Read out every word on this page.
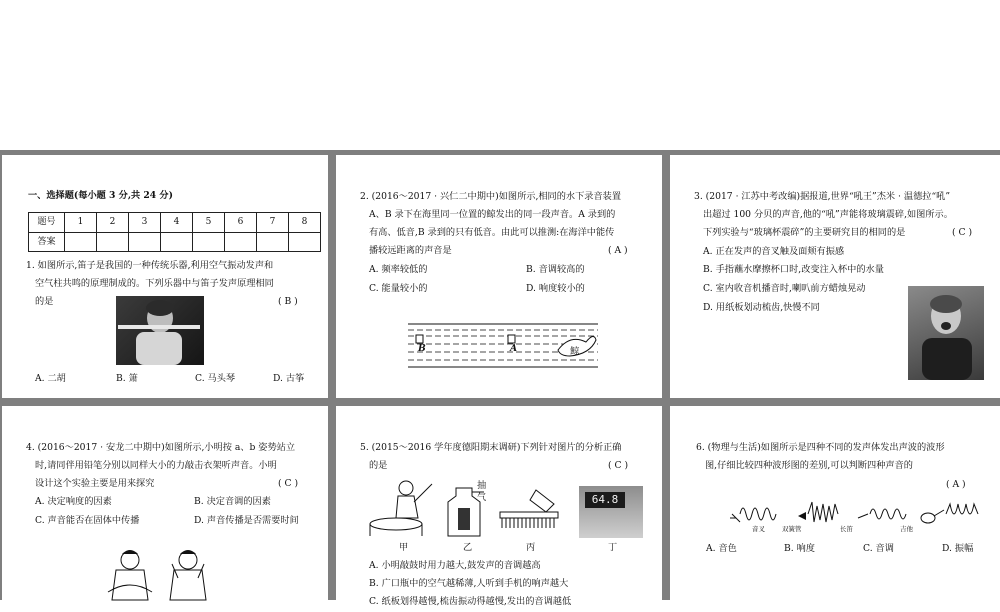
一、选择题(每小题 3 分,共 24 分)
题号	1	2	3	4	5	6	7	8
答案								
1. 如图所示,笛子是我国的一种传统乐器,利用空气振动发声和
空气柱共鸣的原理制成的。下列乐器中与笛子发声原理相同
的是	( B )
A. 二胡	B. 箫	C. 马头琴	D. 古筝
2. (2016～2017 · 兴仁二中期中)如图所示,相同的水下录音装置
A、B 录下在海里同一位置的鲸发出的同一段声音。A 录到的
有高、低音,B 录到的只有低音。由此可以推测:在海洋中能传
播较远距离的声音是	( A )
A. 频率较低的	B. 音调较高的
C. 能量较小的	D. 响度较小的
B	A	鲸
3. (2017 · 江苏中考改编)据报道,世界“吼王”杰米 · 温德拉“吼”
出超过 100 分贝的声音,他的“吼”声能将玻璃震碎,如图所示。
下列实验与“玻璃杯震碎”的主要研究目的相同的是	( C )
A. 正在发声的音叉触及面颊有振感
B. 手指蘸水摩擦杯口时,改变注入杯中的水量
C. 室内收音机播音时,喇叭前方蜡烛晃动
D. 用纸板划动梳齿,快慢不同
4. (2016～2017 · 安龙二中期中)如图所示,小明按 a、b 姿势站立
时,请同伴用铅笔分别以同样大小的力敲击衣架听声音。小明
设计这个实验主要是用来探究	( C )
A. 决定响度的因素	B. 决定音调的因素
C. 声音能否在固体中传播	D. 声音传播是否需要时间
5. (2015～2016 学年度德阳期末调研)下列针对图片的分析正确
的是	( C )
抽
气	64.8
甲	乙	丙	丁
A. 小明敲鼓时用力越大,鼓发声的音调越高
B. 广口瓶中的空气越稀薄,人听到手机的响声越大
C. 纸板划得越慢,梳齿振动得越慢,发出的音调越低
6. (物理与生活)如图所示是四种不同的发声体发出声波的波形
图,仔细比较四种波形图的差别,可以判断四种声音的
( A )
音叉	双簧管	长笛	吉他
A. 音色	B. 响度	C. 音调	D. 振幅
